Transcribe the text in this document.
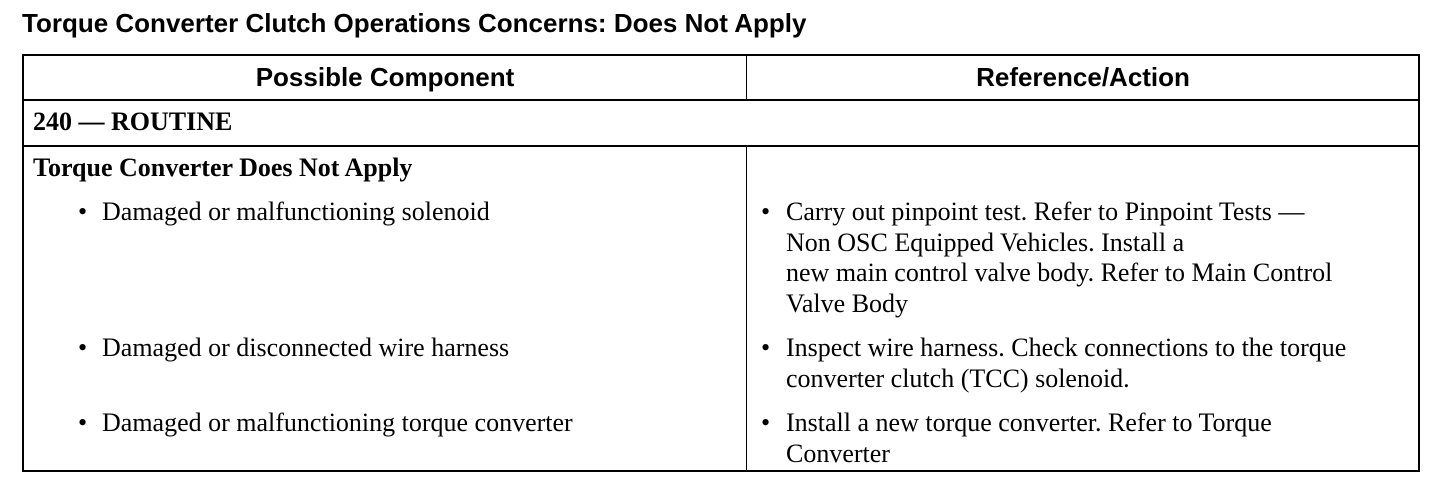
Torque Converter Clutch Operations Concerns: Does Not Apply
Possible Component	Reference/Action
240 — ROUTINE
Torque Converter Does Not Apply
• Damaged or malfunctioning solenoid	• Carry out pinpoint test. Refer to Pinpoint Tests —
Non OSC Equipped Vehicles. Install a
new main control valve body. Refer to Main Control
Valve Body
• Damaged or disconnected wire harness	• Inspect wire harness. Check connections to the torque
converter clutch (TCC) solenoid.
• Damaged or malfunctioning torque converter	• Install a new torque converter. Refer to Torque
Converter
